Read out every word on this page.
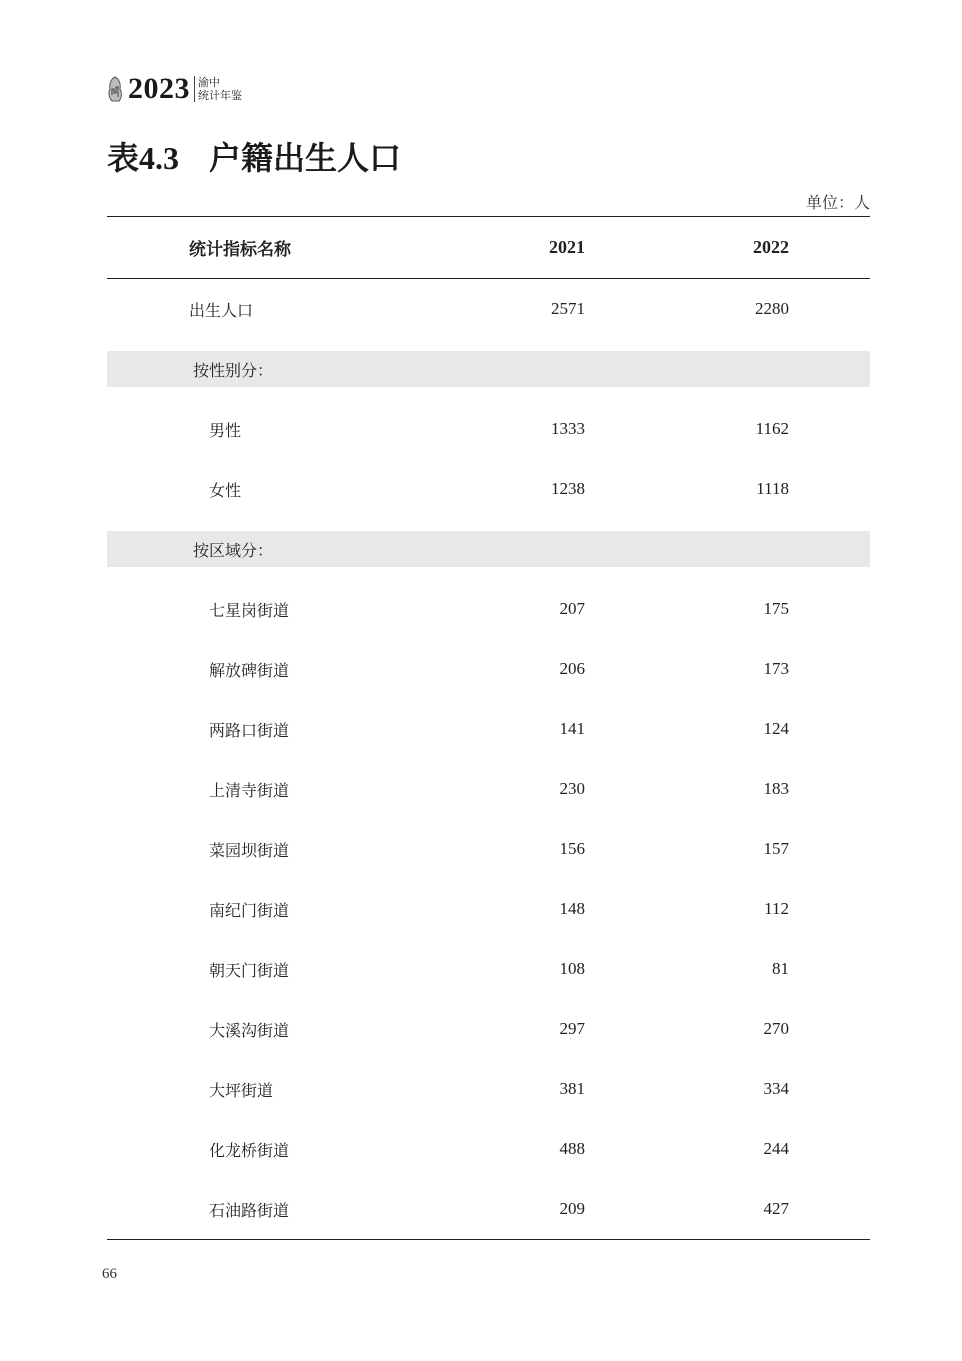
2023 渝中
统计年鉴
表4.3 户籍出生人口
单位：人
统计指标名称	2021	2022
出生人口	2571	2280
按性别分：
男性	1333	1162
女性	1238	1118
按区域分：
七星岗街道	207	175
解放碑街道	206	173
两路口街道	141	124
上清寺街道	230	183
菜园坝街道	156	157
南纪门街道	148	112
朝天门街道	108	81
大溪沟街道	297	270
大坪街道	381	334
化龙桥街道	488	244
石油路街道	209	427
66
